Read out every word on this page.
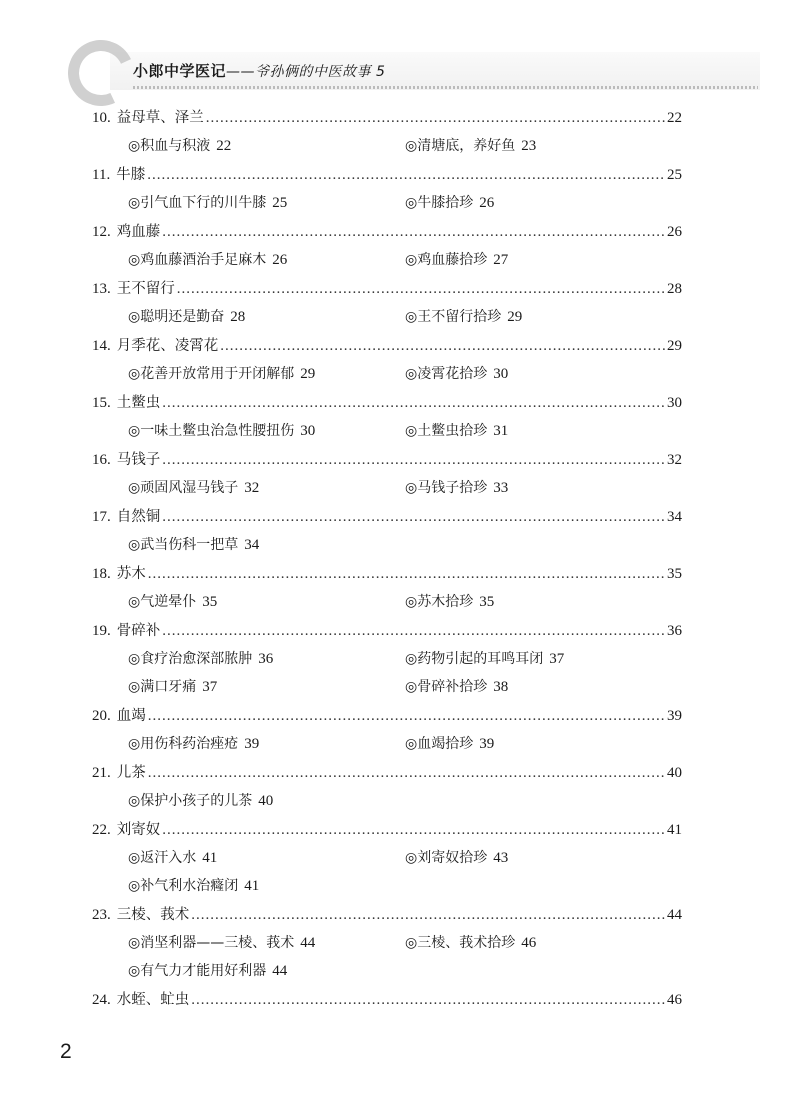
小郎中学医记——爷孙俩的中医故事 5
10. 益母草、泽兰 .....	22
◎积血与积液 22	◎清塘底，养好鱼 23
11. 牛膝 .....	25
◎引气血下行的川牛膝 25	◎牛膝拾珍 26
12. 鸡血藤 .....	26
◎鸡血藤酒治手足麻木 26	◎鸡血藤拾珍 27
13. 王不留行 .....	28
◎聪明还是勤奋 28	◎王不留行拾珍 29
14. 月季花、凌霄花 .....	29
◎花善开放常用于开闭解郁 29	◎凌霄花拾珍 30
15. 土鳖虫 .....	30
◎一味土鳖虫治急性腰扭伤 30	◎土鳖虫拾珍 31
16. 马钱子 .....	32
◎顽固风湿马钱子 32	◎马钱子拾珍 33
17. 自然铜 .....	34
◎武当伤科一把草 34
18. 苏木 .....	35
◎气逆晕仆 35	◎苏木拾珍 35
19. 骨碎补 .....	36
◎食疗治愈深部脓肿 36	◎药物引起的耳鸣耳闭 37
◎满口牙痛 37	◎骨碎补拾珍 38
20. 血竭 .....	39
◎用伤科药治痤疮 39	◎血竭拾珍 39
21. 儿茶 .....	40
◎保护小孩子的儿茶 40
22. 刘寄奴 .....	41
◎返汗入水 41	◎刘寄奴拾珍 43
◎补气利水治癃闭 41
23. 三棱、莪术 .....	44
◎消坚利器——三棱、莪术 44	◎三棱、莪术拾珍 46
◎有气力才能用好利器 44
24. 水蛭、虻虫 .....	46
2
